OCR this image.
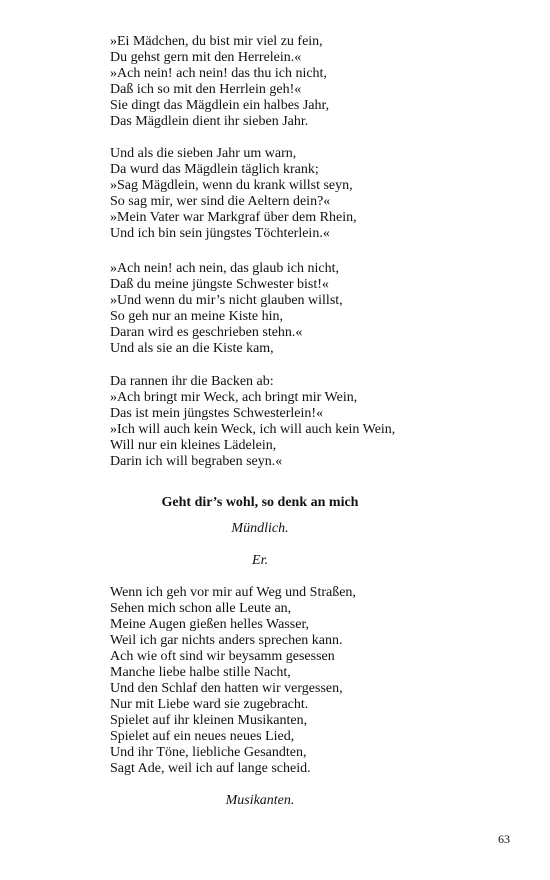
»Ei Mädchen, du bist mir viel zu fein,
Du gehst gern mit den Herrelein.«
»Ach nein! ach nein! das thu ich nicht,
Daß ich so mit den Herrlein geh!«
Sie dingt das Mägdlein ein halbes Jahr,
Das Mägdlein dient ihr sieben Jahr.
Und als die sieben Jahr um warn,
Da wurd das Mägdlein täglich krank;
»Sag Mägdlein, wenn du krank willst seyn,
So sag mir, wer sind die Aeltern dein?«
»Mein Vater war Markgraf über dem Rhein,
Und ich bin sein jüngstes Töchterlein.«
»Ach nein! ach nein, das glaub ich nicht,
Daß du meine jüngste Schwester bist!«
»Und wenn du mir’s nicht glauben willst,
So geh nur an meine Kiste hin,
Daran wird es geschrieben stehn.«
Und als sie an die Kiste kam,
Da rannen ihr die Backen ab:
»Ach bringt mir Weck, ach bringt mir Wein,
Das ist mein jüngstes Schwesterlein!«
»Ich will auch kein Weck, ich will auch kein Wein,
Will nur ein kleines Lädelein,
Darin ich will begraben seyn.«
Geht dir’s wohl, so denk an mich
Mündlich.
Er.
Wenn ich geh vor mir auf Weg und Straßen,
Sehen mich schon alle Leute an,
Meine Augen gießen helles Wasser,
Weil ich gar nichts anders sprechen kann.
Ach wie oft sind wir beysamm gesessen
Manche liebe halbe stille Nacht,
Und den Schlaf den hatten wir vergessen,
Nur mit Liebe ward sie zugebracht.
Spielet auf ihr kleinen Musikanten,
Spielet auf ein neues neues Lied,
Und ihr Töne, liebliche Gesandten,
Sagt Ade, weil ich auf lange scheid.
Musikanten.
63
